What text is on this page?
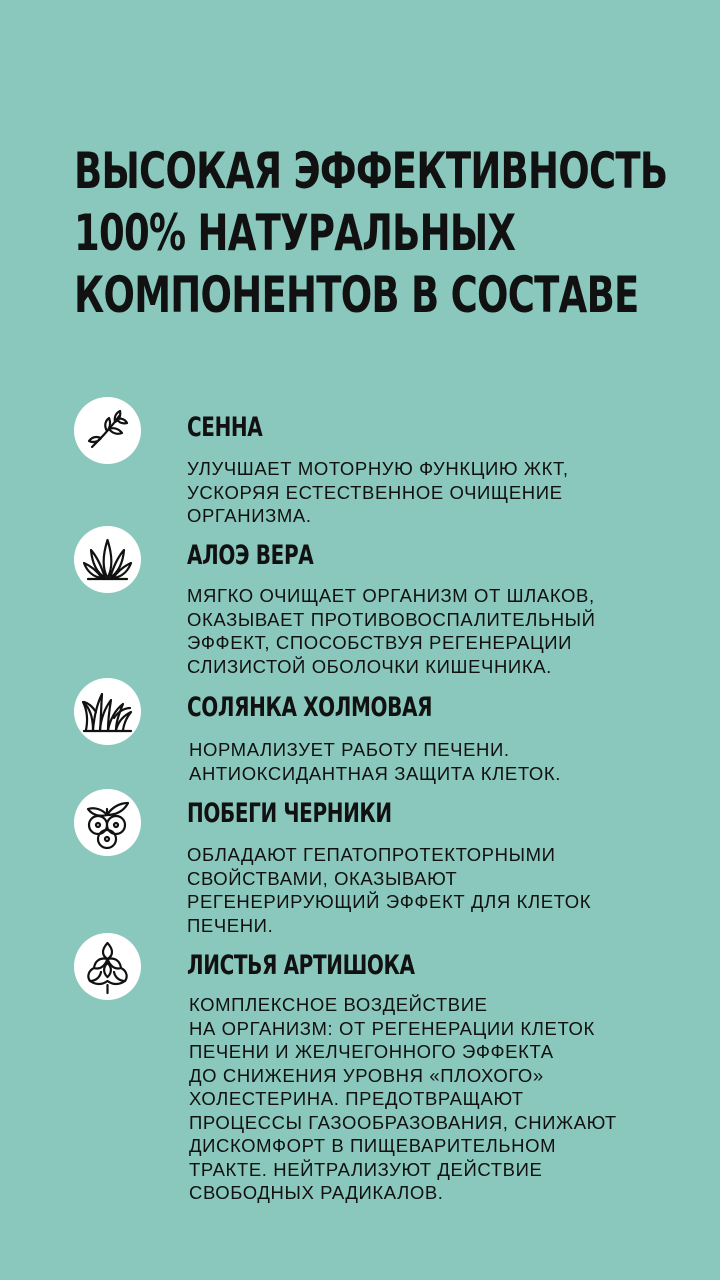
ВЫСОКАЯ ЭФФЕКТИВНОСТЬ
100% НАТУРАЛЬНЫХ
КОМПОНЕНТОВ В СОСТАВЕ
СЕННА
УЛУЧШАЕТ МОТОРНУЮ ФУНКЦИЮ ЖКТ,
УСКОРЯЯ ЕСТЕСТВЕННОЕ ОЧИЩЕНИЕ
ОРГАНИЗМА.
АЛОЭ ВЕРА
МЯГКО ОЧИЩАЕТ ОРГАНИЗМ ОТ ШЛАКОВ,
ОКАЗЫВАЕТ ПРОТИВОВОСПАЛИТЕЛЬНЫЙ
ЭФФЕКТ, СПОСОБСТВУЯ РЕГЕНЕРАЦИИ
СЛИЗИСТОЙ ОБОЛОЧКИ КИШЕЧНИКА.
СОЛЯНКА ХОЛМОВАЯ
НОРМАЛИЗУЕТ РАБОТУ ПЕЧЕНИ.
АНТИОКСИДАНТНАЯ ЗАЩИТА КЛЕТОК.
ПОБЕГИ ЧЕРНИКИ
ОБЛАДАЮТ ГЕПАТОПРОТЕКТОРНЫМИ
СВОЙСТВАМИ, ОКАЗЫВАЮТ
РЕГЕНЕРИРУЮЩИЙ ЭФФЕКТ ДЛЯ КЛЕТОК
ПЕЧЕНИ.
ЛИСТЬЯ АРТИШОКА
КОМПЛЕКСНОЕ ВОЗДЕЙСТВИЕ
НА ОРГАНИЗМ: ОТ РЕГЕНЕРАЦИИ КЛЕТОК
ПЕЧЕНИ И ЖЕЛЧЕГОННОГО ЭФФЕКТА
ДО СНИЖЕНИЯ УРОВНЯ «ПЛОХОГО»
ХОЛЕСТЕРИНА. ПРЕДОТВРАЩАЮТ
ПРОЦЕССЫ ГАЗООБРАЗОВАНИЯ, СНИЖАЮТ
ДИСКОМФОРТ В ПИЩЕВАРИТЕЛЬНОМ
ТРАКТЕ. НЕЙТРАЛИЗУЮТ ДЕЙСТВИЕ
СВОБОДНЫХ РАДИКАЛОВ.
